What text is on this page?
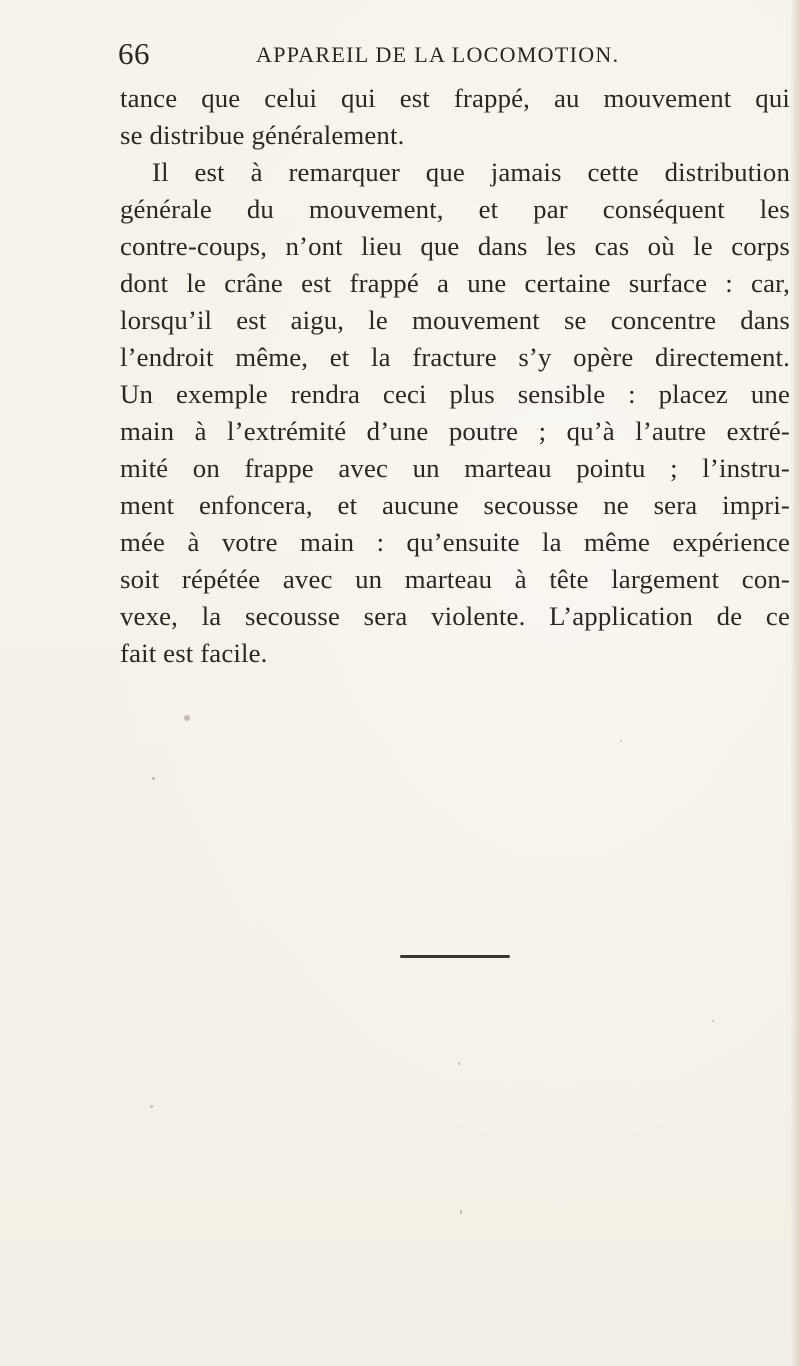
66	APPAREIL DE LA LOCOMOTION.
tance que celui qui est frappé, au mouvement qui
se distribue généralement.
Il est à remarquer que jamais cette distribution
générale du mouvement, et par conséquent les
contre-coups, n’ont lieu que dans les cas où le corps
dont le crâne est frappé a une certaine surface : car,
lorsqu’il est aigu, le mouvement se concentre dans
l’endroit même, et la fracture s’y opère directement.
Un exemple rendra ceci plus sensible : placez une
main à l’extrémité d’une poutre ; qu’à l’autre extré-
mité on frappe avec un marteau pointu ; l’instru-
ment enfoncera, et aucune secousse ne sera impri-
mée à votre main : qu’ensuite la même expérience
soit répétée avec un marteau à tête largement con-
vexe, la secousse sera violente. L’application de ce
fait est facile.
